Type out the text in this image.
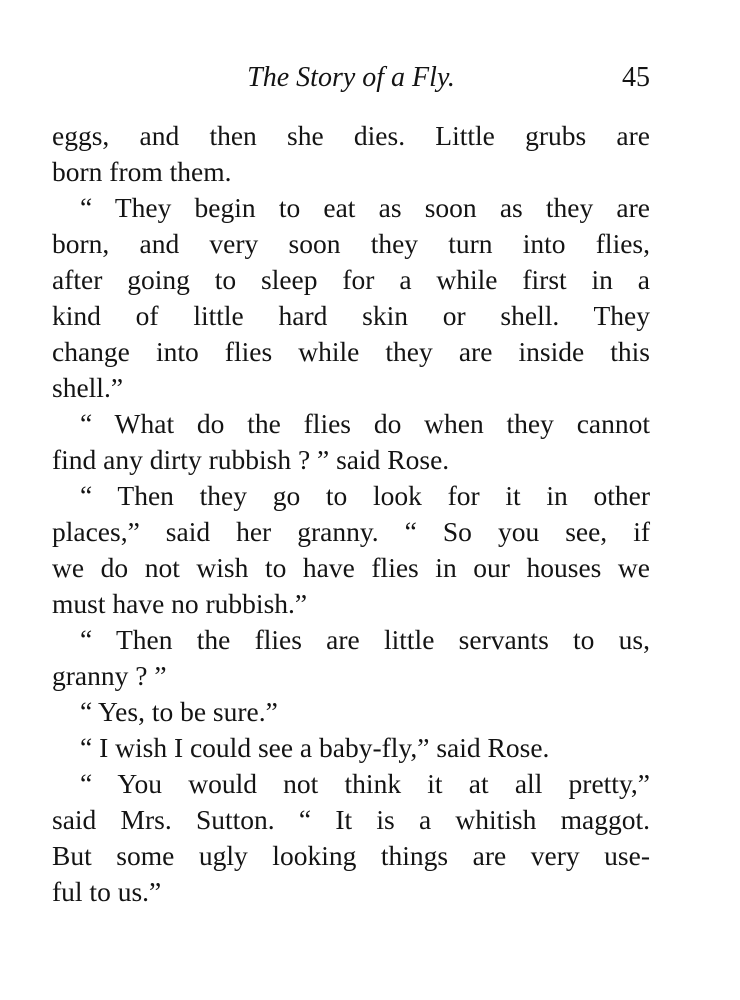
The Story of a Fly.	45
eggs, and then she dies. Little grubs are
born from them.
“ They begin to eat as soon as they are
born, and very soon they turn into flies,
after going to sleep for a while first in a
kind of little hard skin or shell. They
change into flies while they are inside this
shell.”
“ What do the flies do when they cannot
find any dirty rubbish ? ” said Rose.
“ Then they go to look for it in other
places,” said her granny. “ So you see, if
we do not wish to have flies in our houses we
must have no rubbish.”
“ Then the flies are little servants to us,
granny ? ”
“ Yes, to be sure.”
“ I wish I could see a baby-fly,” said Rose.
“ You would not think it at all pretty,”
said Mrs. Sutton. “ It is a whitish maggot.
But some ugly looking things are very use-
ful to us.”
